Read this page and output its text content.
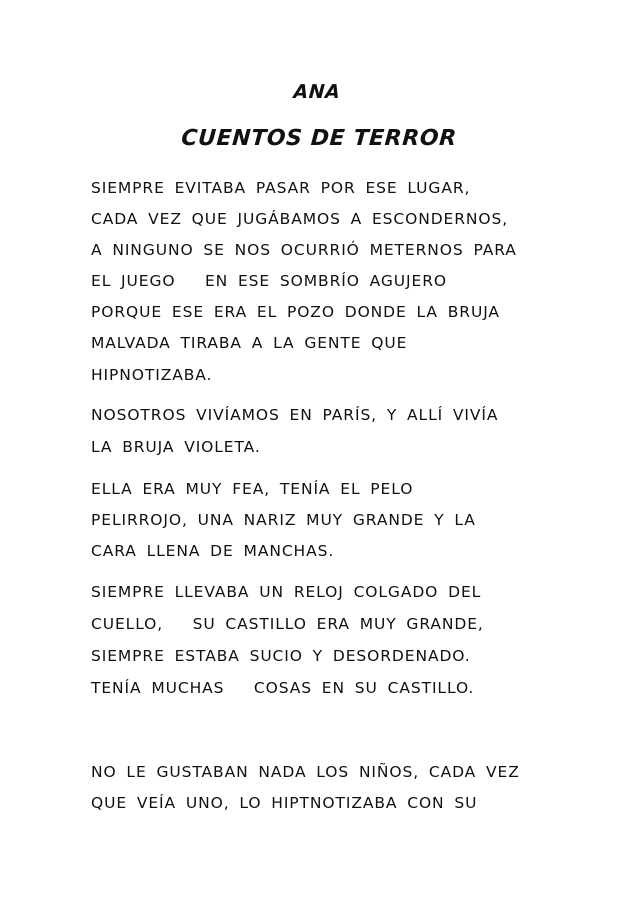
ANA
CUENTOS DE TERROR

SIEMPRE EVITABA PASAR POR ESE LUGAR,

CADA VEZ QUE JUGÁBAMOS A ESCONDERNOS,

A NINGUNO SE NOS OCURRIÓ METERNOS PARA

EL JUEGO   EN ESE SOMBRÍO AGUJERO

PORQUE ESE ERA EL POZO DONDE LA BRUJA

MALVADA TIRABA A LA GENTE QUE

HIPNOTIZABA.

NOSOTROS VIVÍAMOS EN PARÍS, Y ALLÍ VIVÍA

LA BRUJA VIOLETA.

ELLA ERA MUY FEA, TENÍA EL PELO

PELIRROJO, UNA NARIZ MUY GRANDE Y LA

CARA LLENA DE MANCHAS.

SIEMPRE LLEVABA UN RELOJ COLGADO DEL

CUELLO,   SU CASTILLO ERA MUY GRANDE,

SIEMPRE ESTABA SUCIO Y DESORDENADO.

TENÍA MUCHAS   COSAS EN SU CASTILLO.

NO LE GUSTABAN NADA LOS NIÑOS, CADA VEZ

QUE VEÍA UNO, LO HIPTNOTIZABA CON SU
